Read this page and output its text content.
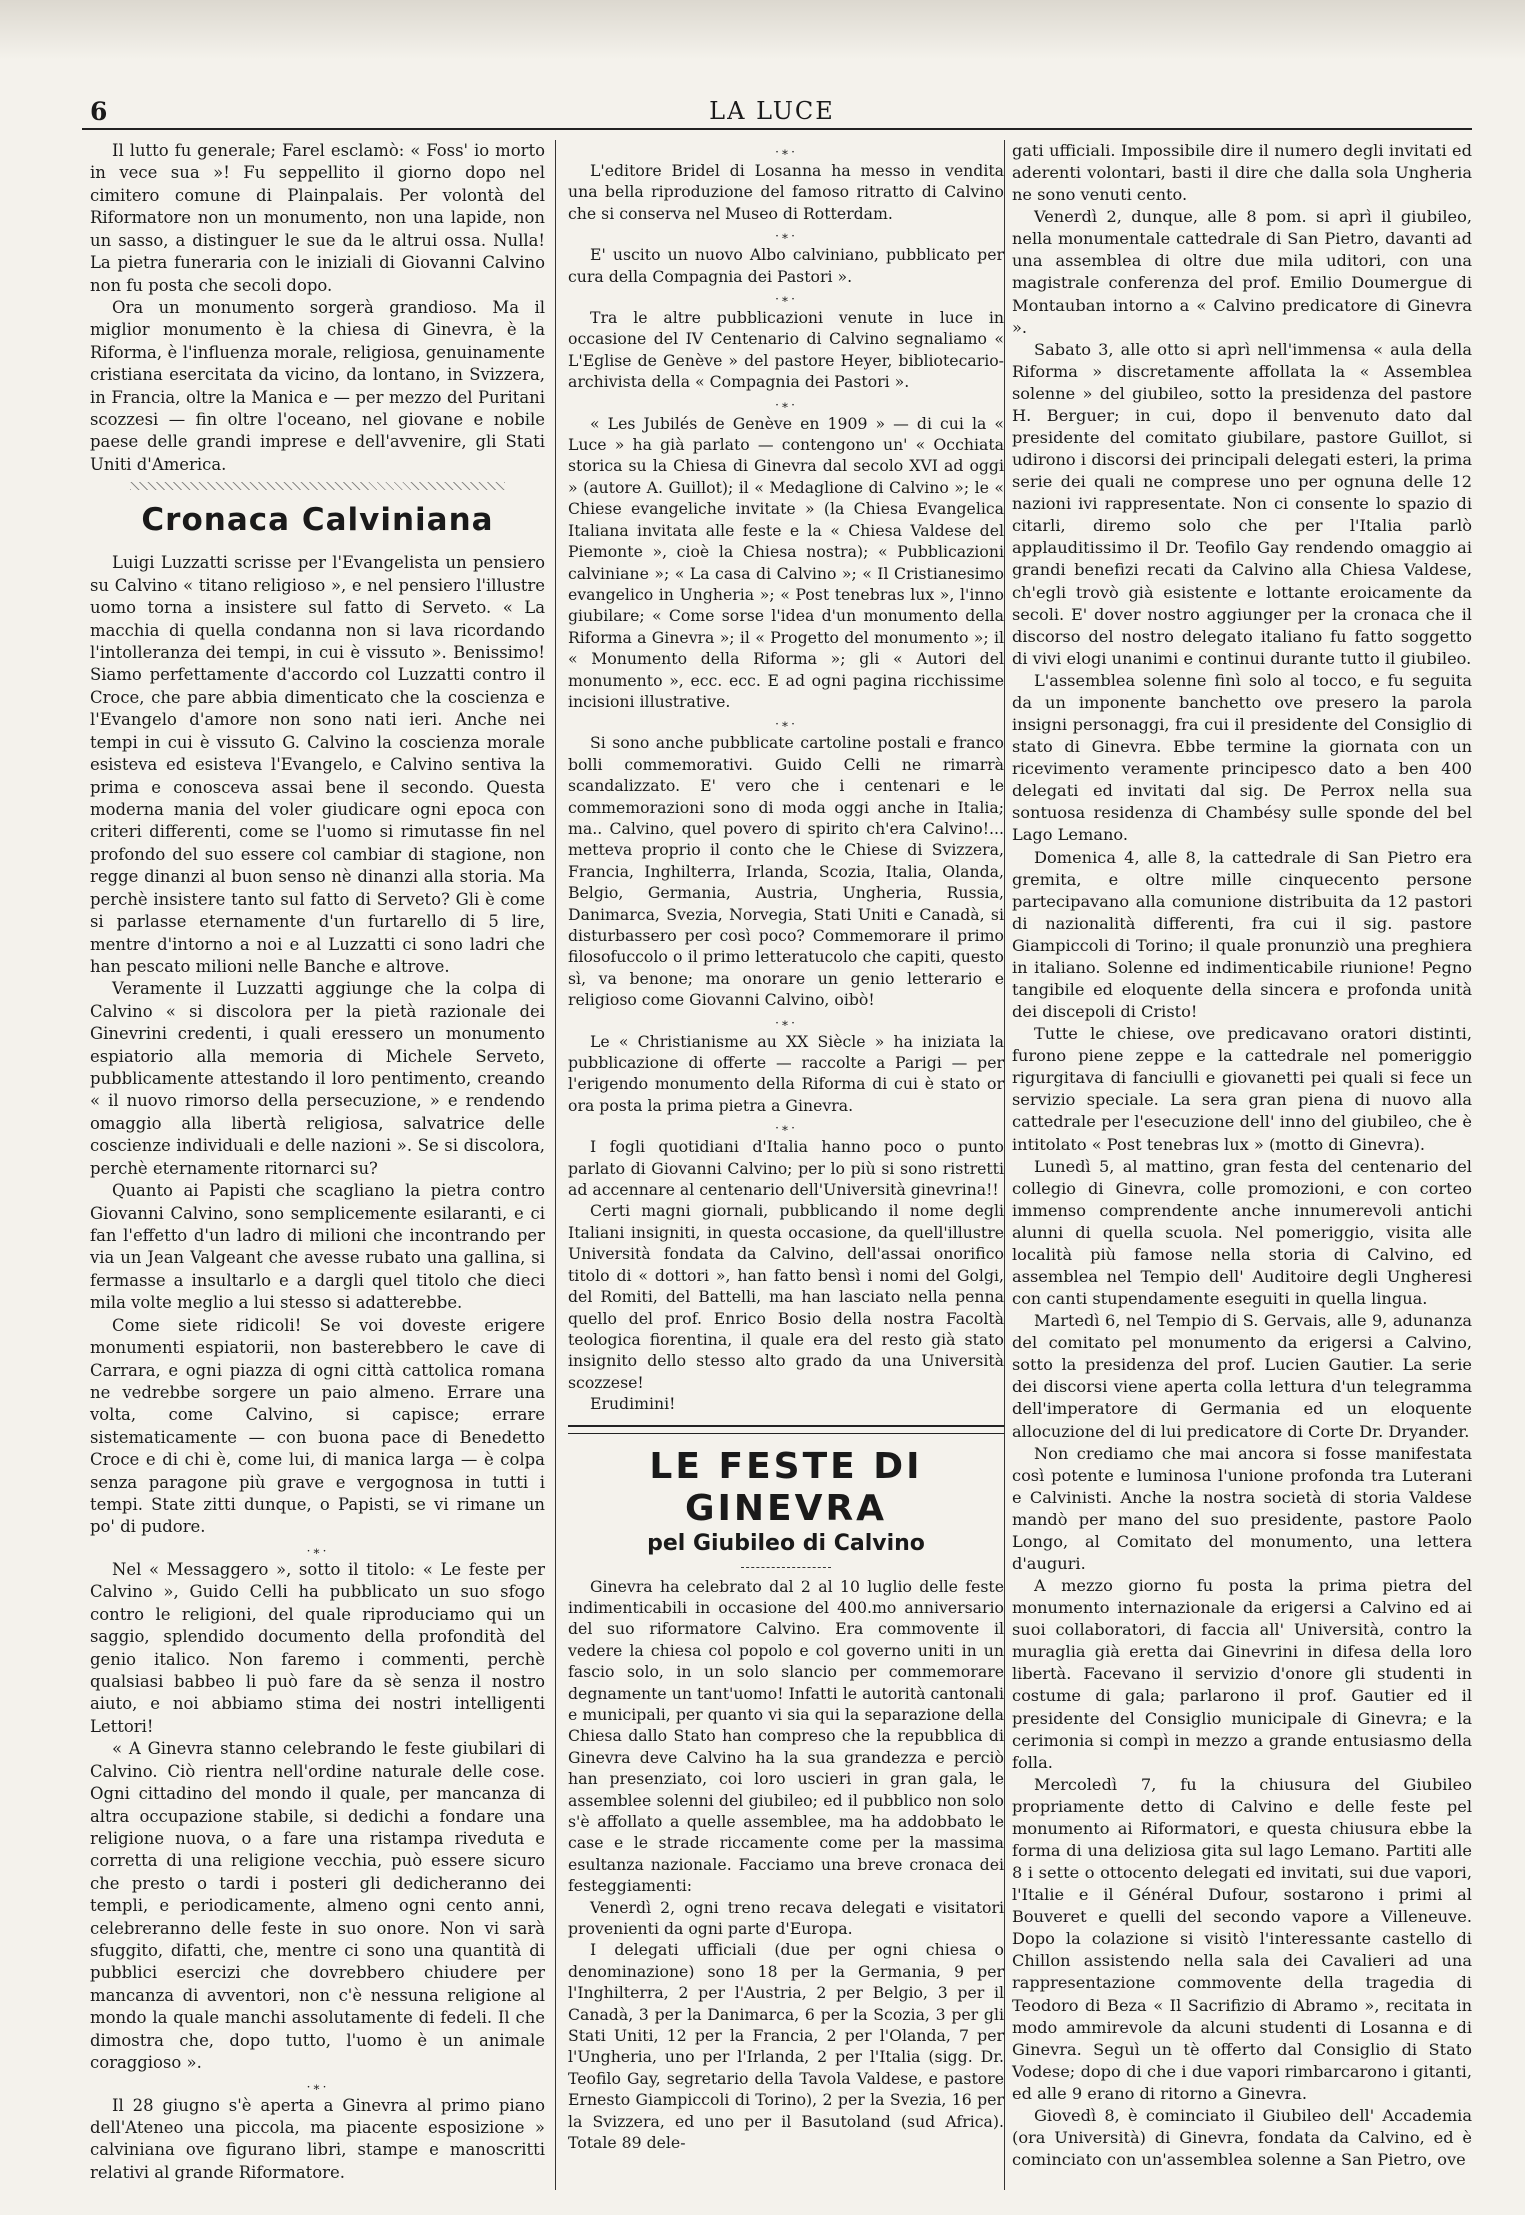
6	LA LUCE

Il lutto fu generale; Farel esclamò: « Foss' io morto in vece sua »! Fu seppellito il giorno dopo nel cimitero comune di Plainpalais. Per volontà del Riformatore non un monumento, non una lapide, non un sasso, a distinguer le sue da le altrui ossa. Nulla! La pietra funeraria con le iniziali di Giovanni Calvino non fu posta che secoli dopo.

Ora un monumento sorgerà grandioso. Ma il miglior monumento è la chiesa di Ginevra, è la Riforma, è l'influenza morale, religiosa, genuinamente cristiana esercitata da vicino, da lontano, in Svizzera, in Francia, oltre la Manica e — per mezzo del Puritani scozzesi — fin oltre l'oceano, nel giovane e nobile paese delle grandi imprese e dell'avvenire, gli Stati Uniti d'America.

Cronaca Calviniana

Luigi Luzzatti scrisse per l'Evangelista un pensiero su Calvino « titano religioso », e nel pensiero l'illustre uomo torna a insistere sul fatto di Serveto. « La macchia di quella condanna non si lava ricordando l'intolleranza dei tempi, in cui è vissuto ». Benissimo! Siamo perfettamente d'accordo col Luzzatti contro il Croce, che pare abbia dimenticato che la coscienza e l'Evangelo d'amore non sono nati ieri. Anche nei tempi in cui è vissuto G. Calvino la coscienza morale esisteva ed esisteva l'Evangelo, e Calvino sentiva la prima e conosceva assai bene il secondo. Questa moderna mania del voler giudicare ogni epoca con criteri differenti, come se l'uomo si rimutasse fin nel profondo del suo essere col cambiar di stagione, non regge dinanzi al buon senso nè dinanzi alla storia. Ma perchè insistere tanto sul fatto di Serveto? Gli è come si parlasse eternamente d'un furtarello di 5 lire, mentre d'intorno a noi e al Luzzatti ci sono ladri che han pescato milioni nelle Banche e altrove.

Veramente il Luzzatti aggiunge che la colpa di Calvino « si discolora per la pietà razionale dei Ginevrini credenti, i quali eressero un monumento espiatorio alla memoria di Michele Serveto, pubblicamente attestando il loro pentimento, creando « il nuovo rimorso della persecuzione, » e rendendo omaggio alla libertà religiosa, salvatrice delle coscienze individuali e delle nazioni ». Se si discolora, perchè eternamente ritornarci su?

Quanto ai Papisti che scagliano la pietra contro Giovanni Calvino, sono semplicemente esilaranti, e ci fan l'effetto d'un ladro di milioni che incontrando per via un Jean Valgeant che avesse rubato una gallina, si fermasse a insultarlo e a dargli quel titolo che dieci mila volte meglio a lui stesso si adatterebbe.

Come siete ridicoli! Se voi doveste erigere monumenti espiatorii, non basterebbero le cave di Carrara, e ogni piazza di ogni città cattolica romana ne vedrebbe sorgere un paio almeno. Errare una volta, come Calvino, si capisce; errare sistematicamente — con buona pace di Benedetto Croce e di chi è, come lui, di manica larga — è colpa senza paragone più grave e vergognosa in tutti i tempi. State zitti dunque, o Papisti, se vi rimane un po' di pudore.

·∗·

Nel « Messaggero », sotto il titolo: « Le feste per Calvino », Guido Celli ha pubblicato un suo sfogo contro le religioni, del quale riproduciamo qui un saggio, splendido documento della profondità del genio italico. Non faremo i commenti, perchè qualsiasi babbeo li può fare da sè senza il nostro aiuto, e noi abbiamo stima dei nostri intelligenti Lettori!

« A Ginevra stanno celebrando le feste giubilari di Calvino. Ciò rientra nell'ordine naturale delle cose. Ogni cittadino del mondo il quale, per mancanza di altra occupazione stabile, si dedichi a fondare una religione nuova, o a fare una ristampa riveduta e corretta di una religione vecchia, può essere sicuro che presto o tardi i posteri gli dedicheranno dei templi, e periodicamente, almeno ogni cento anni, celebreranno delle feste in suo onore. Non vi sarà sfuggito, difatti, che, mentre ci sono una quantità di pubblici esercizi che dovrebbero chiudere per mancanza di avventori, non c'è nessuna religione al mondo la quale manchi assolutamente di fedeli. Il che dimostra che, dopo tutto, l'uomo è un animale coraggioso ».

·∗·

Il 28 giugno s'è aperta a Ginevra al primo piano dell'Ateneo una piccola, ma piacente esposizione » calviniana ove figurano libri, stampe e manoscritti relativi al grande Riformatore.

·∗·

L'editore Bridel di Losanna ha messo in vendita una bella riproduzione del famoso ritratto di Calvino che si conserva nel Museo di Rotterdam.

·∗·

E' uscito un nuovo Albo calviniano, pubblicato per cura della Compagnia dei Pastori ».

·∗·

Tra le altre pubblicazioni venute in luce in occasione del IV Centenario di Calvino segnaliamo « L'Eglise de Genève » del pastore Heyer, bibliotecario-archivista della « Compagnia dei Pastori ».

·∗·

« Les Jubilés de Genève en 1909 » — di cui la « Luce » ha già parlato — contengono un' « Occhiata storica su la Chiesa di Ginevra dal secolo XVI ad oggi » (autore A. Guillot); il « Medaglione di Calvino »; le « Chiese evangeliche invitate » (la Chiesa Evangelica Italiana invitata alle feste e la « Chiesa Valdese del Piemonte », cioè la Chiesa nostra); « Pubblicazioni calviniane »; « La casa di Calvino »; « Il Cristianesimo evangelico in Ungheria »; « Post tenebras lux », l'inno giubilare; « Come sorse l'idea d'un monumento della Riforma a Ginevra »; il « Progetto del monumento »; il « Monumento della Riforma »; gli « Autori del monumento », ecc. ecc. E ad ogni pagina ricchissime incisioni illustrative.

·∗·

Si sono anche pubblicate cartoline postali e franco bolli commemorativi. Guido Celli ne rimarrà scandalizzato. E' vero che i centenari e le commemorazioni sono di moda oggi anche in Italia; ma.. Calvino, quel povero di spirito ch'era Calvino!... metteva proprio il conto che le Chiese di Svizzera, Francia, Inghilterra, Irlanda, Scozia, Italia, Olanda, Belgio, Germania, Austria, Ungheria, Russia, Danimarca, Svezia, Norvegia, Stati Uniti e Canadà, si disturbassero per così poco? Commemorare il primo filosofuccolo o il primo letteratucolo che capiti, questo sì, va benone; ma onorare un genio letterario e religioso come Giovanni Calvino, oibò!

·∗·

Le « Christianisme au XX Siècle » ha iniziata la pubblicazione di offerte — raccolte a Parigi — per l'erigendo monumento della Riforma di cui è stato or ora posta la prima pietra a Ginevra.

·∗·

I fogli quotidiani d'Italia hanno poco o punto parlato di Giovanni Calvino; per lo più si sono ristretti ad accennare al centenario dell'Università ginevrina!!

Certi magni giornali, pubblicando il nome degli Italiani insigniti, in questa occasione, da quell'illustre Università fondata da Calvino, dell'assai onorifico titolo di « dottori », han fatto bensì i nomi del Golgi, del Romiti, del Battelli, ma han lasciato nella penna quello del prof. Enrico Bosio della nostra Facoltà teologica fiorentina, il quale era del resto già stato insignito dello stesso alto grado da una Università scozzese!

Erudimini!

LE FESTE DI GINEVRA
pel Giubileo di Calvino

Ginevra ha celebrato dal 2 al 10 luglio delle feste indimenticabili in occasione del 400.mo anniversario del suo riformatore Calvino. Era commovente il vedere la chiesa col popolo e col governo uniti in un fascio solo, in un solo slancio per commemorare degnamente un tant'uomo! Infatti le autorità cantonali e municipali, per quanto vi sia qui la separazione della Chiesa dallo Stato han compreso che la repubblica di Ginevra deve Calvino ha la sua grandezza e perciò han presenziato, coi loro uscieri in gran gala, le assemblee solenni del giubileo; ed il pubblico non solo s'è affollato a quelle assemblee, ma ha addobbato le case e le strade riccamente come per la massima esultanza nazionale. Facciamo una breve cronaca dei festeggiamenti:

Venerdì 2, ogni treno recava delegati e visitatori provenienti da ogni parte d'Europa.

I delegati ufficiali (due per ogni chiesa o denominazione) sono 18 per la Germania, 9 per l'Inghilterra, 2 per l'Austria, 2 per Belgio, 3 per il Canadà, 3 per la Danimarca, 6 per la Scozia, 3 per gli Stati Uniti, 12 per la Francia, 2 per l'Olanda, 7 per l'Ungheria, uno per l'Irlanda, 2 per l'Italia (sigg. Dr. Teofilo Gay, segretario della Tavola Valdese, e pastore Ernesto Giampiccoli di Torino), 2 per la Svezia, 16 per la Svizzera, ed uno per il Basutoland (sud Africa). Totale 89 dele-

gati ufficiali. Impossibile dire il numero degli invitati ed aderenti volontari, basti il dire che dalla sola Ungheria ne sono venuti cento.

Venerdì 2, dunque, alle 8 pom. si aprì il giubileo, nella monumentale cattedrale di San Pietro, davanti ad una assemblea di oltre due mila uditori, con una magistrale conferenza del prof. Emilio Doumergue di Montauban intorno a « Calvino predicatore di Ginevra ».

Sabato 3, alle otto si aprì nell'immensa « aula della Riforma » discretamente affollata la « Assemblea solenne » del giubileo, sotto la presidenza del pastore H. Berguer; in cui, dopo il benvenuto dato dal presidente del comitato giubilare, pastore Guillot, si udirono i discorsi dei principali delegati esteri, la prima serie dei quali ne comprese uno per ognuna delle 12 nazioni ivi rappresentate. Non ci consente lo spazio di citarli, diremo solo che per l'Italia parlò applauditissimo il Dr. Teofilo Gay rendendo omaggio ai grandi benefizi recati da Calvino alla Chiesa Valdese, ch'egli trovò già esistente e lottante eroicamente da secoli. E' dover nostro aggiunger per la cronaca che il discorso del nostro delegato italiano fu fatto soggetto di vivi elogi unanimi e continui durante tutto il giubileo.

L'assemblea solenne finì solo al tocco, e fu seguita da un imponente banchetto ove presero la parola insigni personaggi, fra cui il presidente del Consiglio di stato di Ginevra. Ebbe termine la giornata con un ricevimento veramente principesco dato a ben 400 delegati ed invitati dal sig. De Perrox nella sua sontuosa residenza di Chambésy sulle sponde del bel Lago Lemano.

Domenica 4, alle 8, la cattedrale di San Pietro era gremita, e oltre mille cinquecento persone partecipavano alla comunione distribuita da 12 pastori di nazionalità differenti, fra cui il sig. pastore Giampiccoli di Torino; il quale pronunziò una preghiera in italiano. Solenne ed indimenticabile riunione! Pegno tangibile ed eloquente della sincera e profonda unità dei discepoli di Cristo!

Tutte le chiese, ove predicavano oratori distinti, furono piene zeppe e la cattedrale nel pomeriggio rigurgitava di fanciulli e giovanetti pei quali si fece un servizio speciale. La sera gran piena di nuovo alla cattedrale per l'esecuzione dell' inno del giubileo, che è intitolato « Post tenebras lux » (motto di Ginevra).

Lunedì 5, al mattino, gran festa del centenario del collegio di Ginevra, colle promozioni, e con corteo immenso comprendente anche innumerevoli antichi alunni di quella scuola. Nel pomeriggio, visita alle località più famose nella storia di Calvino, ed assemblea nel Tempio dell' Auditoire degli Ungheresi con canti stupendamente eseguiti in quella lingua.

Martedì 6, nel Tempio di S. Gervais, alle 9, adunanza del comitato pel monumento da erigersi a Calvino, sotto la presidenza del prof. Lucien Gautier. La serie dei discorsi viene aperta colla lettura d'un telegramma dell'imperatore di Germania ed un eloquente allocuzione del di lui predicatore di Corte Dr. Dryander.

Non crediamo che mai ancora si fosse manifestata così potente e luminosa l'unione profonda tra Luterani e Calvinisti. Anche la nostra società di storia Valdese mandò per mano del suo presidente, pastore Paolo Longo, al Comitato del monumento, una lettera d'auguri.

A mezzo giorno fu posta la prima pietra del monumento internazionale da erigersi a Calvino ed ai suoi collaboratori, di faccia all' Università, contro la muraglia già eretta dai Ginevrini in difesa della loro libertà. Facevano il servizio d'onore gli studenti in costume di gala; parlarono il prof. Gautier ed il presidente del Consiglio municipale di Ginevra; e la cerimonia si compì in mezzo a grande entusiasmo della folla.

Mercoledì 7, fu la chiusura del Giubileo propriamente detto di Calvino e delle feste pel monumento ai Riformatori, e questa chiusura ebbe la forma di una deliziosa gita sul lago Lemano. Partiti alle 8 i sette o ottocento delegati ed invitati, sui due vapori, l'Italie e il Général Dufour, sostarono i primi al Bouveret e quelli del secondo vapore a Villeneuve. Dopo la colazione si visitò l'interessante castello di Chillon assistendo nella sala dei Cavalieri ad una rappresentazione commovente della tragedia di Teodoro di Beza « Il Sacrifizio di Abramo », recitata in modo ammirevole da alcuni studenti di Losanna e di Ginevra. Seguì un tè offerto dal Consiglio di Stato Vodese; dopo di che i due vapori rimbarcarono i gitanti, ed alle 9 erano di ritorno a Ginevra.

Giovedì 8, è cominciato il Giubileo dell' Accademia (ora Università) di Ginevra, fondata da Calvino, ed è cominciato con un'assemblea solenne a San Pietro, ove
